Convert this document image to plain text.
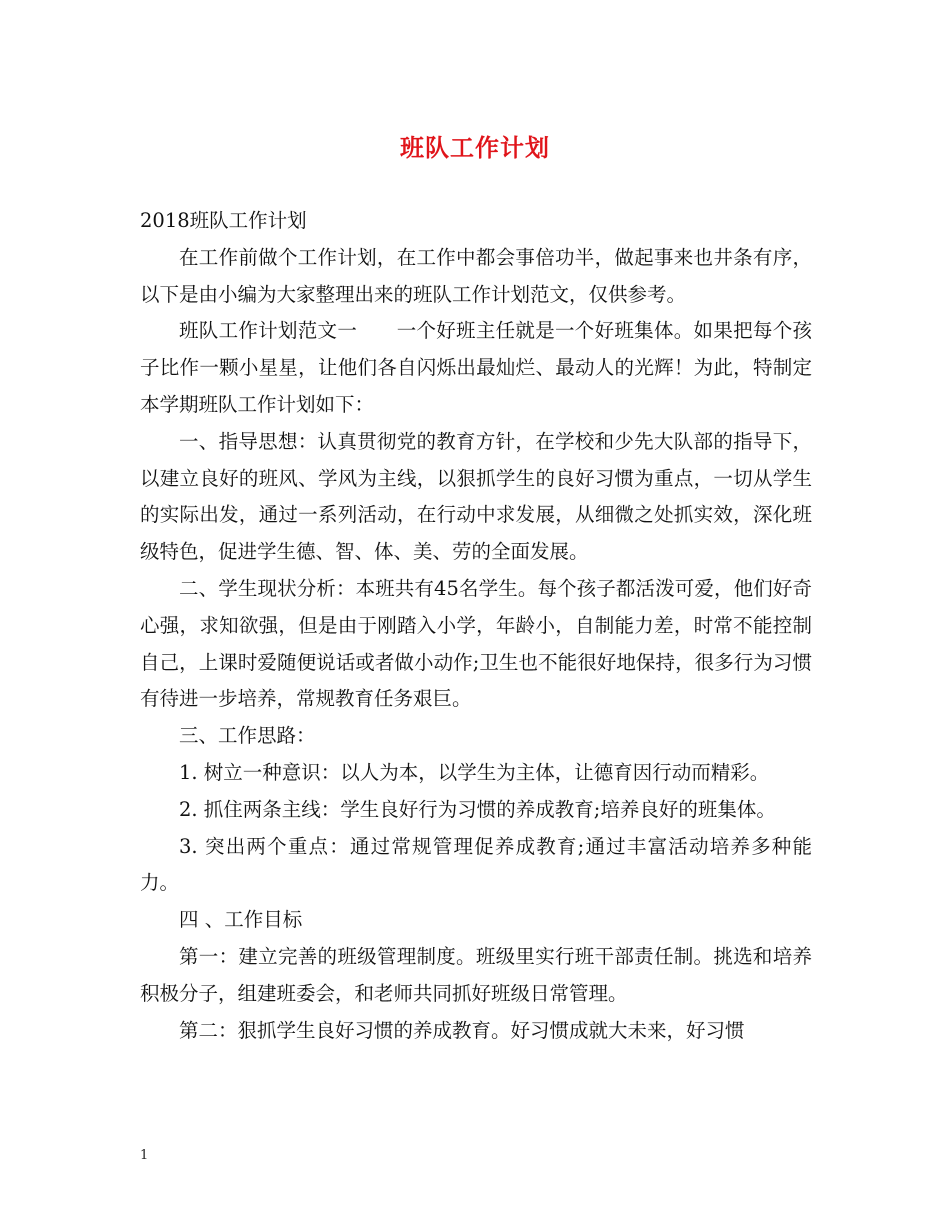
班队工作计划

2018班队工作计划

在工作前做个工作计划，在工作中都会事倍功半，做起事来也井条有序，以下是由小编为大家整理出来的班队工作计划范文，仅供参考。

班队工作计划范文一　　一个好班主任就是一个好班集体。如果把每个孩子比作一颗小星星，让他们各自闪烁出最灿烂、最动人的光辉！为此，特制定本学期班队工作计划如下：

一、指导思想：认真贯彻党的教育方针，在学校和少先大队部的指导下，以建立良好的班风、学风为主线，以狠抓学生的良好习惯为重点，一切从学生的实际出发，通过一系列活动，在行动中求发展，从细微之处抓实效，深化班级特色，促进学生德、智、体、美、劳的全面发展。

二、学生现状分析：本班共有45名学生。每个孩子都活泼可爱，他们好奇心强，求知欲强，但是由于刚踏入小学，年龄小，自制能力差，时常不能控制自己，上课时爱随便说话或者做小动作;卫生也不能很好地保持，很多行为习惯有待进一步培养，常规教育任务艰巨。

三、工作思路：

1. 树立一种意识：以人为本，以学生为主体，让德育因行动而精彩。

2. 抓住两条主线：学生良好行为习惯的养成教育;培养良好的班集体。

3. 突出两个重点：通过常规管理促养成教育;通过丰富活动培养多种能力。

四 、工作目标

第一：建立完善的班级管理制度。班级里实行班干部责任制。挑选和培养积极分子，组建班委会，和老师共同抓好班级日常管理。

第二：狠抓学生良好习惯的养成教育。好习惯成就大未来，好习惯

1
